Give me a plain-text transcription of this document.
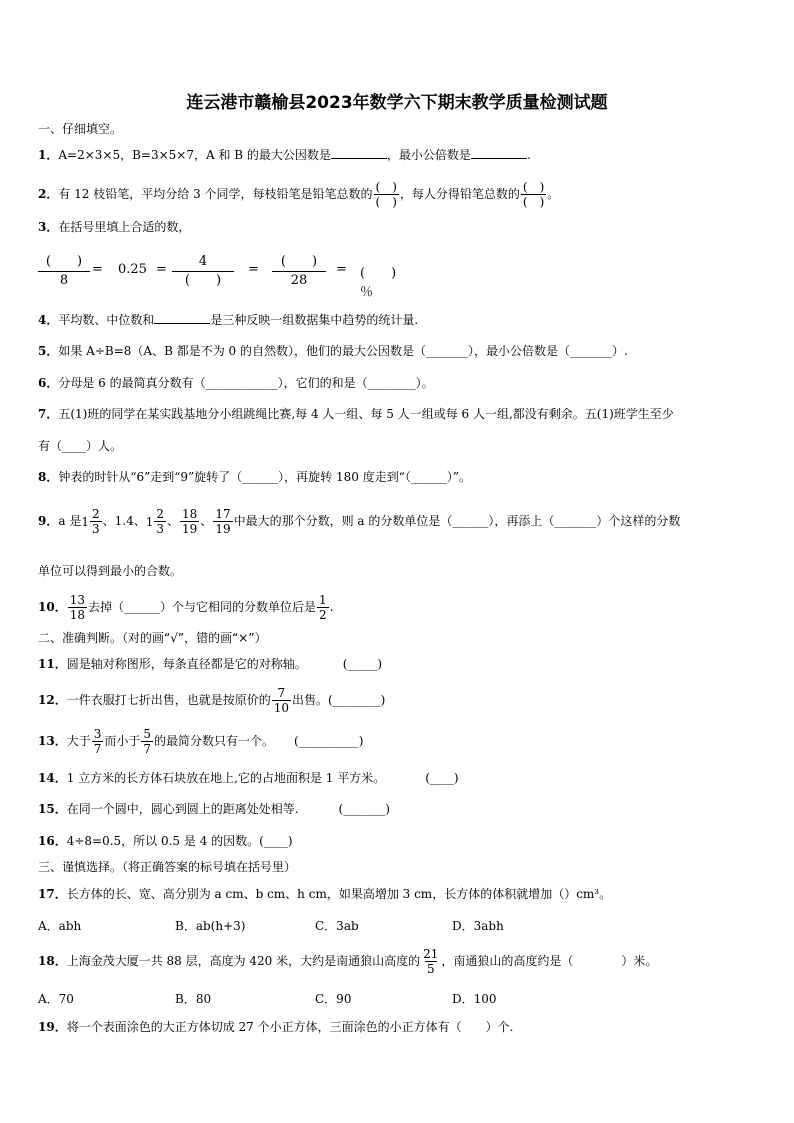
连云港市赣榆县2023年数学六下期末教学质量检测试题
一、仔细填空。
1．A=2×3×5，B=3×5×7，A 和 B 的最大公因数是	，最小公倍数是	.
2．有 12 枝铅笔，平均分给 3 个同学，每枝铅笔是铅笔总数的 $\frac{( )}{( )}$ ，每人分得铅笔总数的 $\frac{( )}{( )}$ 。
3．在括号里填上合适的数，
(　　)
8
= 0.25 =
4
(　　)
=
(　　)
28
= (　　)％
4．平均数、中位数和	是三种反映一组数据集中趋势的统计量.
5．如果 A÷B=8（A、B 都是不为 0 的自然数），他们的最大公因数是（_______），最小公倍数是（_______）.
6．分母是 6 的最简真分数有（____________），它们的和是（________）。
7．五(1)班的同学在某实践基地分小组跳绳比赛,每 4 人一组、每 5 人一组或每 6 人一组,都没有剩余。五(1)班学生至少
有（____）人。
8．钟表的时针从“6”走到“9”旋转了（______），再旋转 180 度走到“（______）”。
9．a 是 $1 \frac{2}{3}$ 、1.4、 $1 \frac{2}{3}$ 、 $\frac{18}{19}$ 、 $\frac{17}{19}$ 中最大的那个分数，则 a 的分数单位是（______），再添上（_______）个这样的分数
单位可以得到最小的合数。
10． $\frac{13}{18}$ 去掉（______）个与它相同的分数单位后是 $\frac{1}{2}$ .
二、准确判断。（对的画“√”，错的画“×”）
11．圆是轴对称图形，每条直径都是它的对称轴。	(_____)
12．一件衣服打七折出售，也就是按原价的 $\frac{7}{10}$ 出售。(________)
13．大于 $\frac{3}{7}$ 而小于 $\frac{5}{7}$ 的最简分数只有一个。 (__________)
14．1 立方米的长方体石块放在地上,它的占地面积是 1 平方米。	(____)
15．在同一个圆中，圆心到圆上的距离处处相等.	(_______)
16．4÷8=0.5，所以 0.5 是 4 的因数。(____)
三、谨慎选择。（将正确答案的标号填在括号里）
17．长方体的长、宽、高分别为 a cm、b cm、h cm，如果高增加 3 cm，长方体的体积就增加（）cm³。
A．abh	B．ab(h+3)	C．3ab	D．3abh
18．上海金茂大厦一共 88 层，高度为 420 米，大约是南通狼山高度的 $\frac{21}{5}$ ，南通狼山的高度约是（　　　　）米。
A．70	B．80	C．90	D．100
19．将一个表面涂色的大正方体切成 27 个小正方体，三面涂色的小正方体有（　　）个.
